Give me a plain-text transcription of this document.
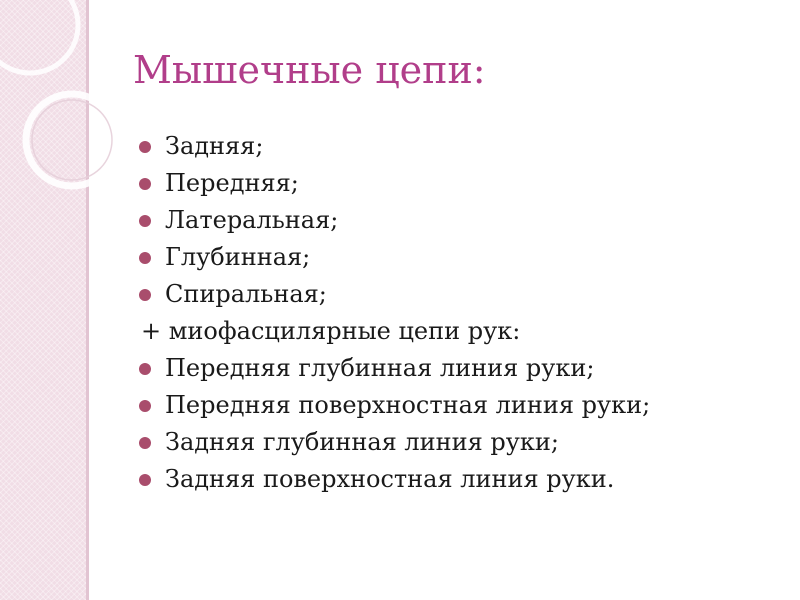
Мышечные цепи:
Задняя;
Передняя;
Латеральная;
Глубинная;
Спиральная;
+ миофасцилярные цепи рук:
Передняя глубинная линия руки;
Передняя поверхностная линия руки;
Задняя глубинная линия руки;
Задняя поверхностная линия руки.
